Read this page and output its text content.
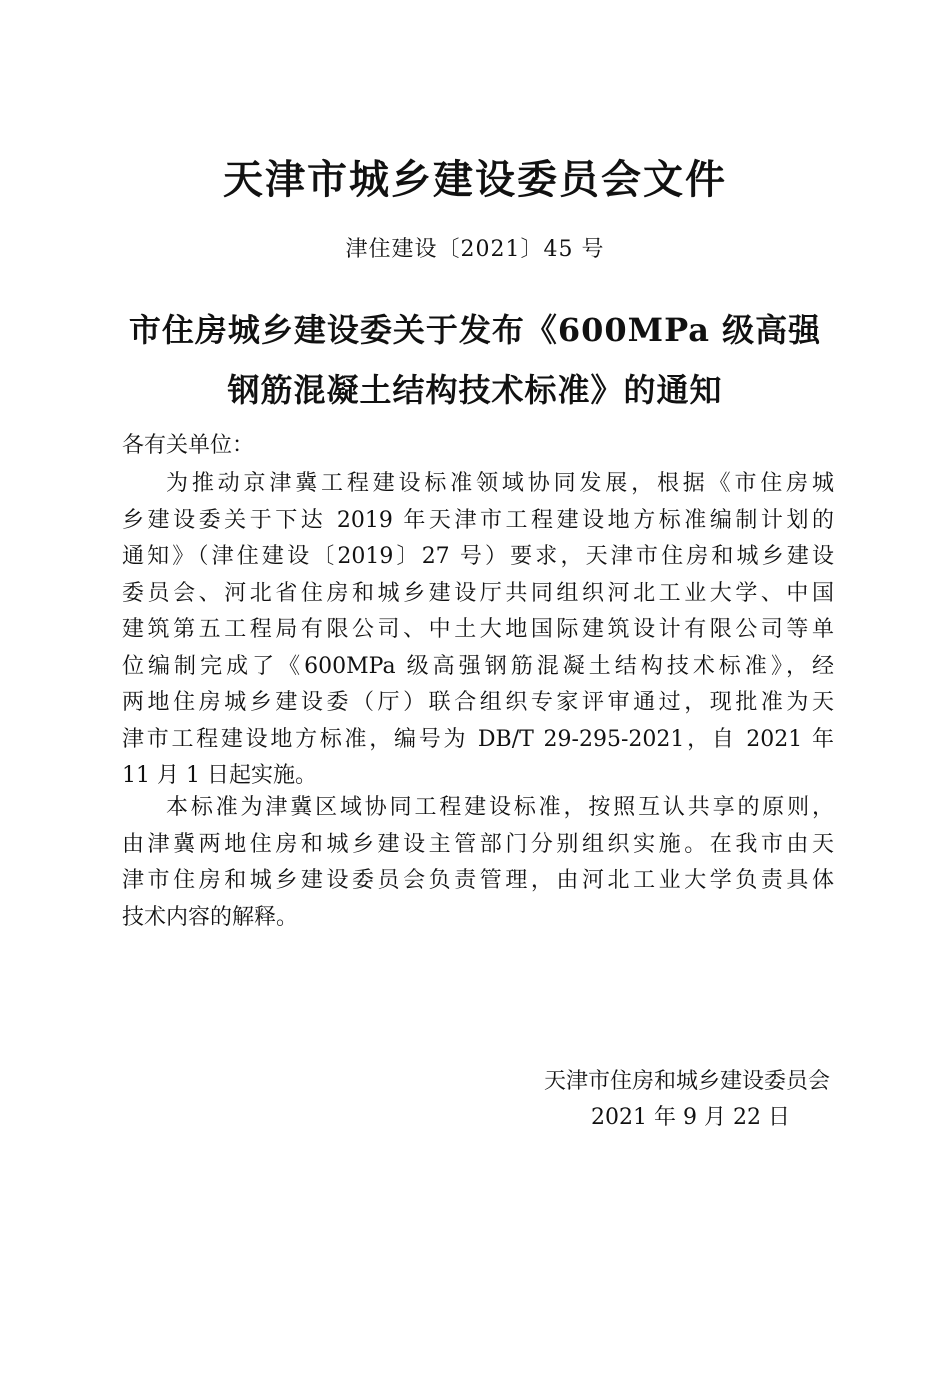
天津市城乡建设委员会文件
津住建设〔2021〕45 号
市住房城乡建设委关于发布《600MPa 级高强
钢筋混凝土结构技术标准》的通知
各有关单位：
为推动京津冀工程建设标准领域协同发展，根据《市住房城
乡建设委关于下达 2019 年天津市工程建设地方标准编制计划的
通知》（津住建设〔2019〕27 号）要求，天津市住房和城乡建设
委员会、河北省住房和城乡建设厅共同组织河北工业大学、中国
建筑第五工程局有限公司、中土大地国际建筑设计有限公司等单
位编制完成了《600MPa 级高强钢筋混凝土结构技术标准》，经
两地住房城乡建设委（厅）联合组织专家评审通过，现批准为天
津市工程建设地方标准，编号为 DB/T 29-295-2021，自 2021 年
11 月 1 日起实施。
本标准为津冀区域协同工程建设标准，按照互认共享的原则，
由津冀两地住房和城乡建设主管部门分别组织实施。在我市由天
津市住房和城乡建设委员会负责管理，由河北工业大学负责具体
技术内容的解释。
天津市住房和城乡建设委员会
2021 年 9 月 22 日
